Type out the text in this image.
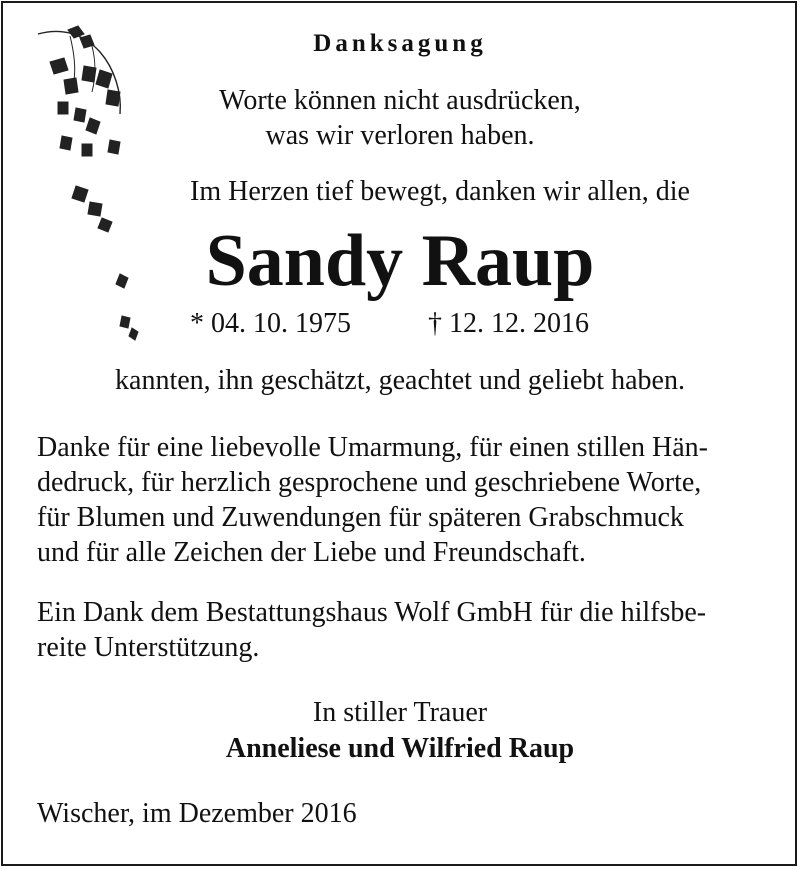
Danksagung
Worte können nicht ausdrücken,
was wir verloren haben.
Im Herzen tief bewegt, danken wir allen, die
Sandy Raup
* 04. 10. 1975	† 12. 12. 2016
kannten, ihn geschätzt, geachtet und geliebt haben.
Danke für eine liebevolle Umarmung, für einen stillen Hän-
dedruck, für herzlich gesprochene und geschriebene Worte,
für Blumen und Zuwendungen für späteren Grabschmuck
und für alle Zeichen der Liebe und Freundschaft.
Ein Dank dem Bestattungshaus Wolf GmbH für die hilfsbe-
reite Unterstützung.
In stiller Trauer
Anneliese und Wilfried Raup
Wischer, im Dezember 2016
